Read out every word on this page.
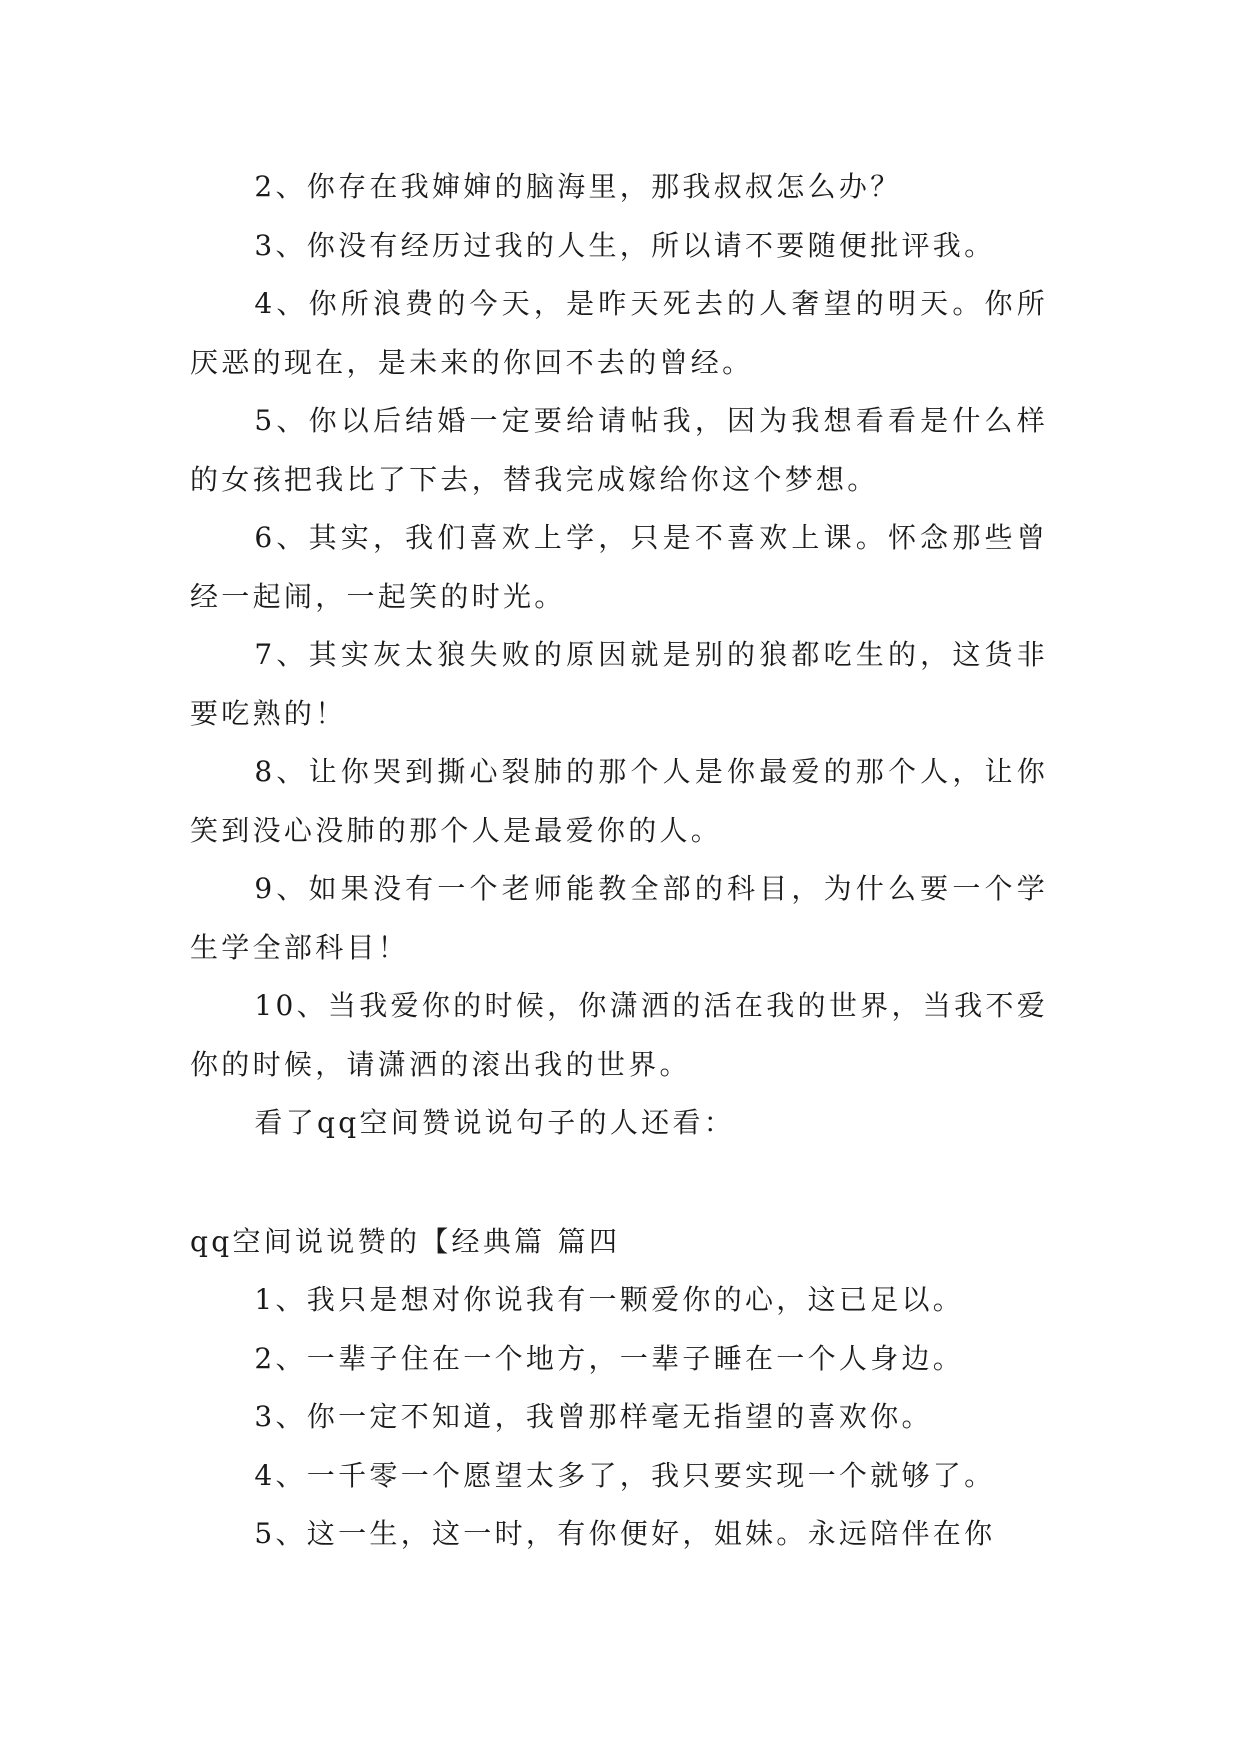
2、你存在我婶婶的脑海里，那我叔叔怎么办？

3、你没有经历过我的人生，所以请不要随便批评我。

4、你所浪费的今天，是昨天死去的人奢望的明天。你所厌恶的现在，是未来的你回不去的曾经。

5、你以后结婚一定要给请帖我，因为我想看看是什么样的女孩把我比了下去，替我完成嫁给你这个梦想。

6、其实，我们喜欢上学，只是不喜欢上课。怀念那些曾经一起闹，一起笑的时光。

7、其实灰太狼失败的原因就是别的狼都吃生的，这货非要吃熟的！

8、让你哭到撕心裂肺的那个人是你最爱的那个人，让你笑到没心没肺的那个人是最爱你的人。

9、如果没有一个老师能教全部的科目，为什么要一个学生学全部科目！

10、当我爱你的时候，你潇洒的活在我的世界，当我不爱你的时候，请潇洒的滚出我的世界。

看了qq空间赞说说句子的人还看：

qq空间说说赞的【经典篇 篇四

1、我只是想对你说我有一颗爱你的心，这已足以。

2、一辈子住在一个地方，一辈子睡在一个人身边。

3、你一定不知道，我曾那样毫无指望的喜欢你。

4、一千零一个愿望太多了，我只要实现一个就够了。

5、这一生，这一时，有你便好，姐妹。永远陪伴在你
